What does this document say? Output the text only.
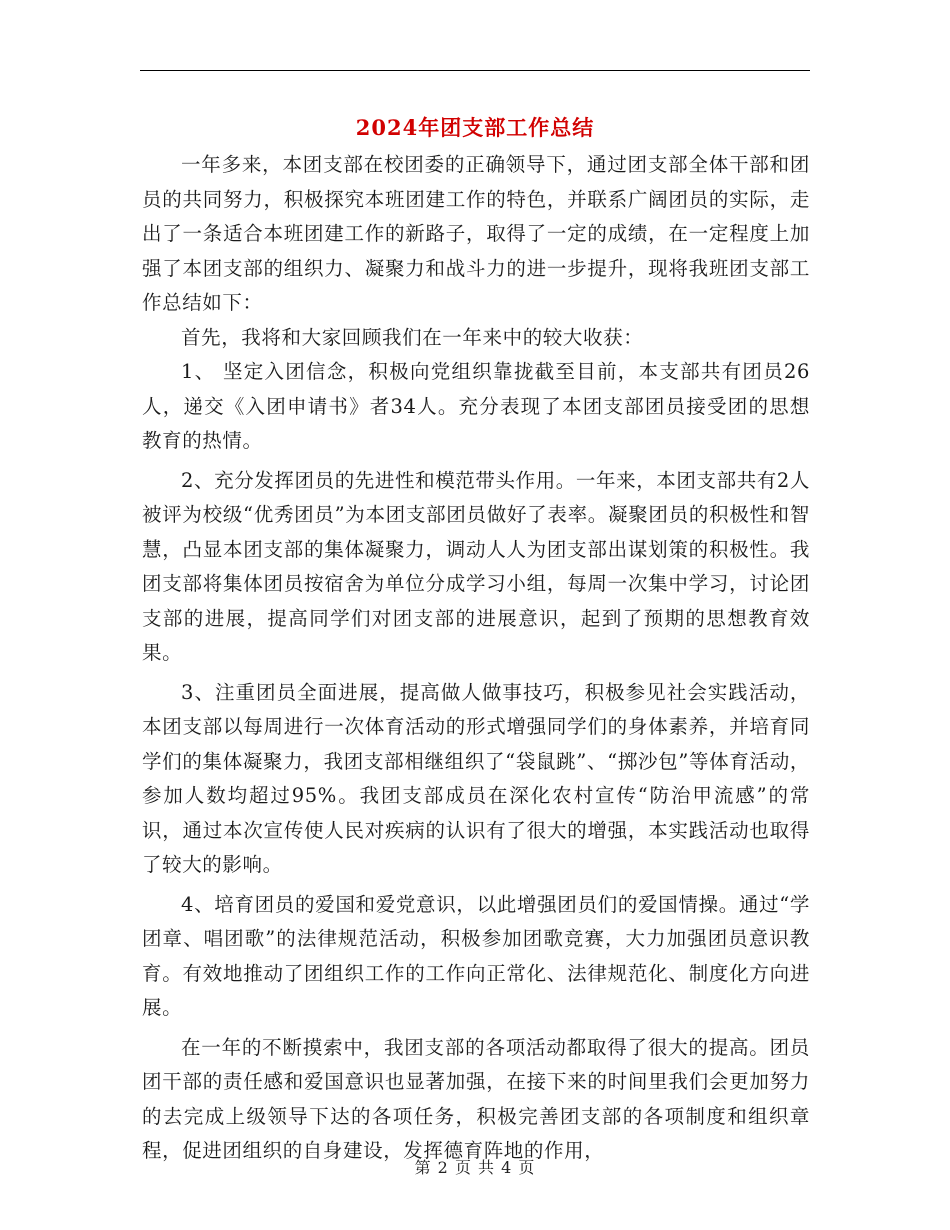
2024年团支部工作总结

一年多来，本团支部在校团委的正确领导下，通过团支部全体干部和团员的共同努力，积极探究本班团建工作的特色，并联系广阔团员的实际，走出了一条适合本班团建工作的新路子，取得了一定的成绩，在一定程度上加强了本团支部的组织力、凝聚力和战斗力的进一步提升，现将我班团支部工作总结如下：

首先，我将和大家回顾我们在一年来中的较大收获：

1、 坚定入团信念，积极向党组织靠拢截至目前，本支部共有团员26人，递交《入团申请书》者34人。充分表现了本团支部团员接受团的思想教育的热情。

2、充分发挥团员的先进性和模范带头作用。一年来，本团支部共有2人被评为校级“优秀团员”为本团支部团员做好了表率。凝聚团员的积极性和智慧，凸显本团支部的集体凝聚力，调动人人为团支部出谋划策的积极性。我团支部将集体团员按宿舍为单位分成学习小组，每周一次集中学习，讨论团支部的进展，提高同学们对团支部的进展意识，起到了预期的思想教育效果。

3、注重团员全面进展，提高做人做事技巧，积极参见社会实践活动，本团支部以每周进行一次体育活动的形式增强同学们的身体素养，并培育同学们的集体凝聚力，我团支部相继组织了“袋鼠跳”、“掷沙包”等体育活动，参加人数均超过95%。我团支部成员在深化农村宣传“防治甲流感”的常识，通过本次宣传使人民对疾病的认识有了很大的增强，本实践活动也取得了较大的影响。

4、培育团员的爱国和爱党意识，以此增强团员们的爱国情操。通过“学团章、唱团歌”的法律规范活动，积极参加团歌竞赛，大力加强团员意识教育。有效地推动了团组织工作的工作向正常化、法律规范化、制度化方向进展。

在一年的不断摸索中，我团支部的各项活动都取得了很大的提高。团员团干部的责任感和爱国意识也显著加强，在接下来的时间里我们会更加努力的去完成上级领导下达的各项任务，积极完善团支部的各项制度和组织章程，促进团组织的自身建设，发挥德育阵地的作用，

第 2 页 共 4 页
